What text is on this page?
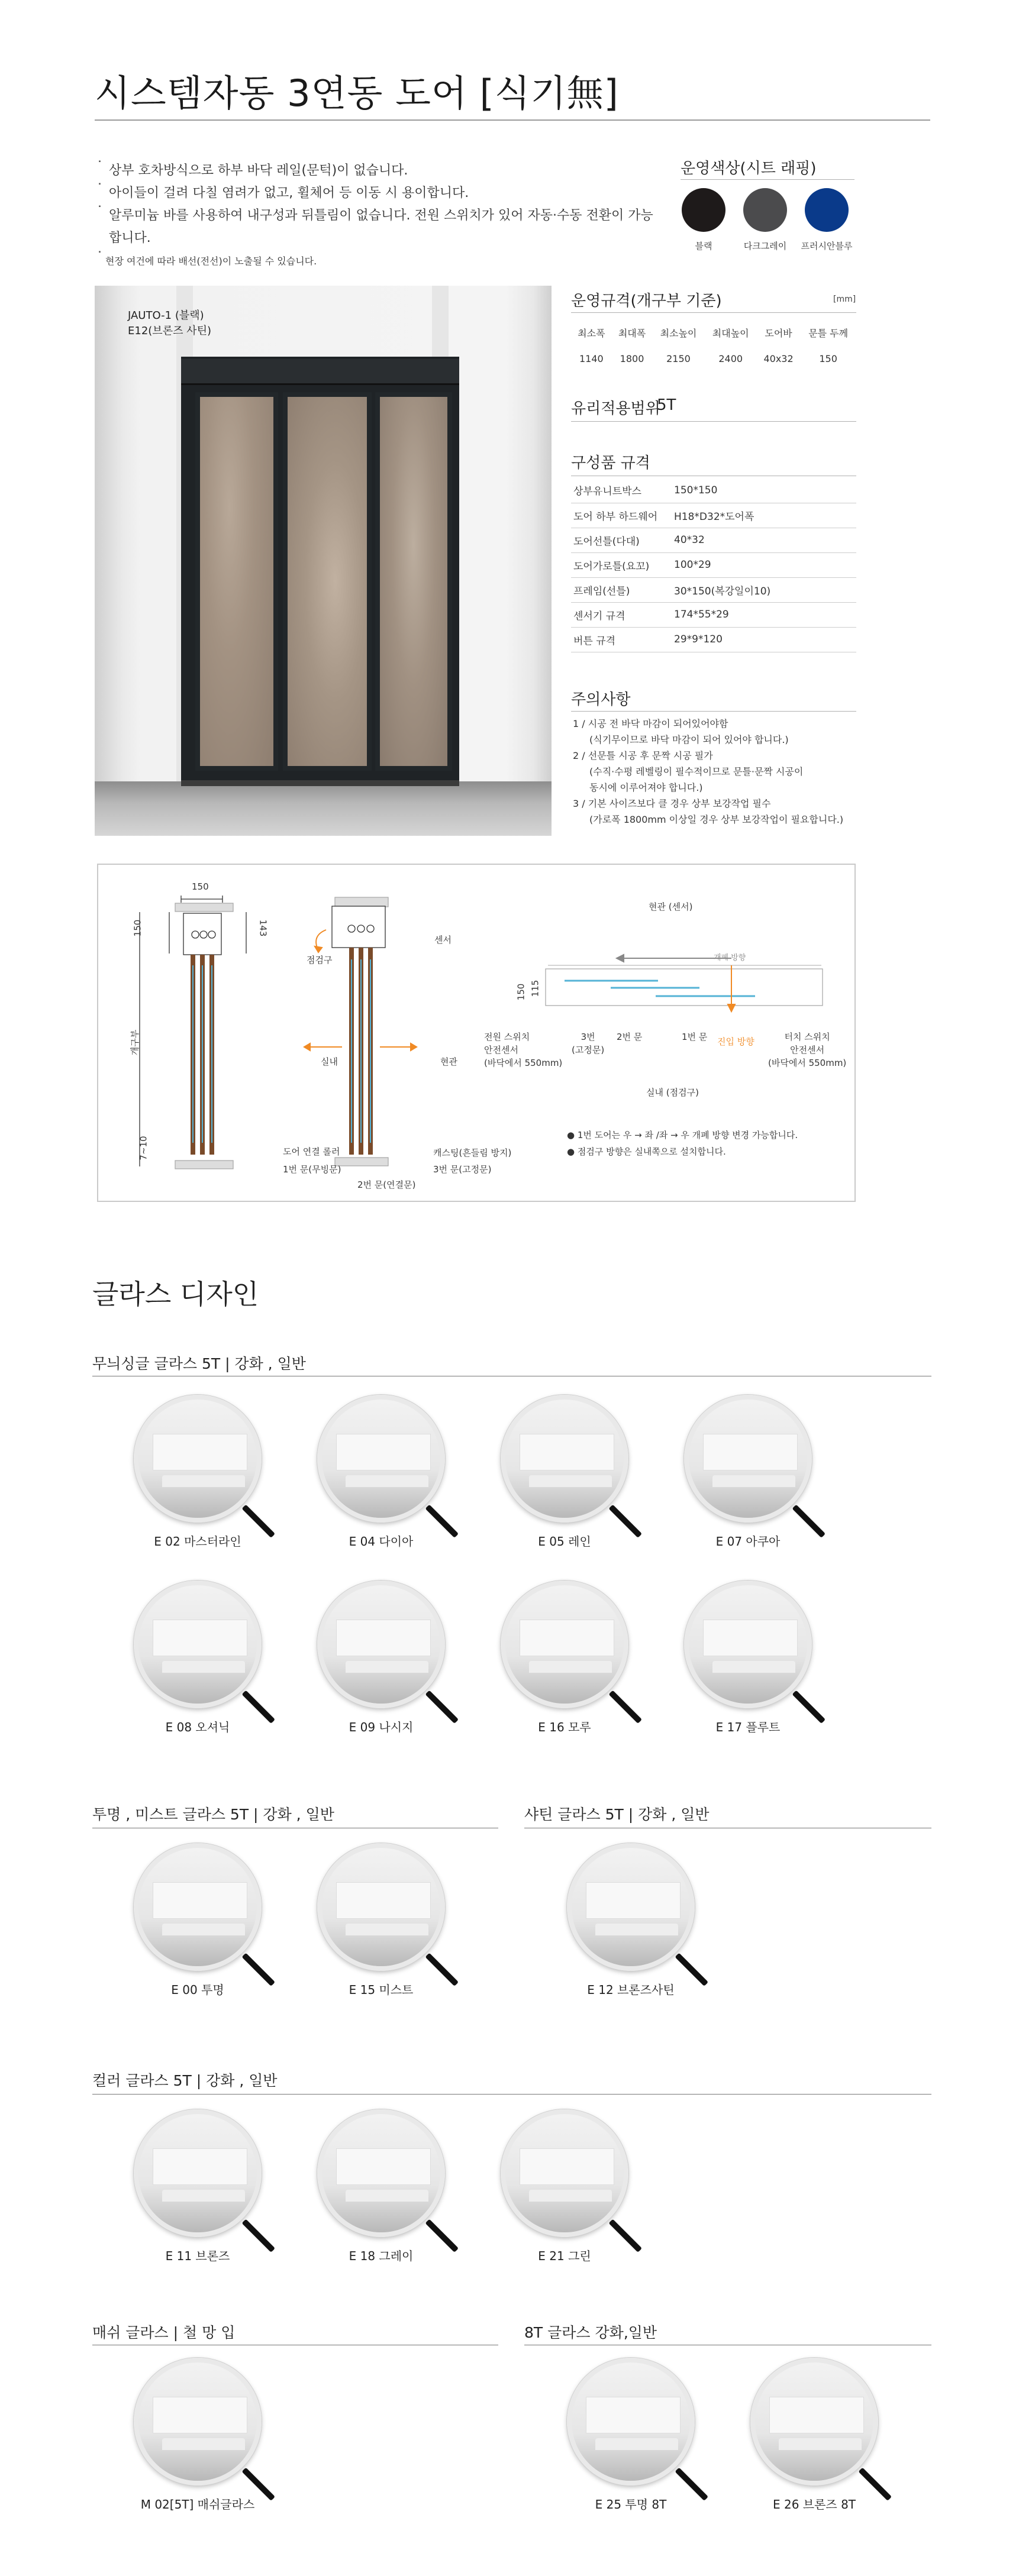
시스템자동 3연동 도어 [식기無]
˙ 상부 호차방식으로 하부 바닥 레일(문턱)이 없습니다.
˙ 아이들이 걸려 다칠 염려가 없고, 휠체어 등 이동 시 용이합니다.
˙ 알루미늄 바를 사용하여 내구성과 뒤틀림이 없습니다. 전원 스위치가 있어 자동·수동 전환이 가능합니다.
˙ 현장 여건에 따라 배선(전선)이 노출될 수 있습니다.
운영색상(시트 래핑)
블랙	다크그레이	프러시안블루
JAUTO-1 (블랙)
E12(브론즈 사틴)
운영규격(개구부 기준)	[mm]
최소폭	최대폭	최소높이	최대높이	도어바	문틀 두께
1140	1800	2150	2400	40x32	150
유리적용범위
5T
구성품 규격
상부유니트박스	150*150
도어 하부 하드웨어	H18*D32*도어폭
도어선틀(다대)	40*32
도어가로틀(요꼬)	100*29
프레임(선틀)	30*150(복강일이10)
센서기 규격	174*55*29
버튼 규격	29*9*120
주의사항
1 / 시공 전 바닥 마감이 되어있어야함
(식기무이므로 바닥 마감이 되어 있어야 합니다.)
2 / 선문틀 시공 후 문짝 시공 필가
(수직·수평 레벨링이 필수적이므로 문틀·문짝 시공이
동시에 이루어져야 합니다.)
3 / 기본 사이즈보다 클 경우 상부 보강작업 필수
(가로폭 1800mm 이상일 경우 상부 보강작업이 필요합니다.)
150
150	143
개구부
7~10	도어 연결 롤러
1번 문(무빙문)
2번 문(연결문)
3번 문(고정문)
캐스팅(흔들림 방지)
점검구
센서
실내	현관
현관 (센서)
개폐 방향
150 115
전원 스위치
안전센서
(바닥에서 550mm)
3번
(고정문)
2번 문	1번 문 진입 방향	터치 스위치
안전센서
(바닥에서 550mm)
실내 (점검구)
● 1번 도어는 우 → 좌 /좌 → 우 개폐 방향 변경 가능합니다.
● 점검구 방향은 실내쪽으로 설치합니다.
글라스 디자인
무늬싱글 글라스 5T | 강화 , 일반
투명 , 미스트 글라스 5T | 강화 , 일반	샤틴 글라스 5T | 강화 , 일반
컬러 글라스 5T | 강화 , 일반
매쉬 글라스 | 철 망 입	8T 글라스 강화,일반
E 02 마스터라인	E 04 다이아	E 05 레인	E 07 아쿠아
E 08 오셔닉	E 09 나시지	E 16 모루	E 17 플루트
E 00 투명	E 15 미스트	E 12 브론즈사틴
E 11 브론즈	E 18 그레이	E 21 그린
M 02[5T] 매쉬글라스	E 25 투명 8T	E 26 브론즈 8T
